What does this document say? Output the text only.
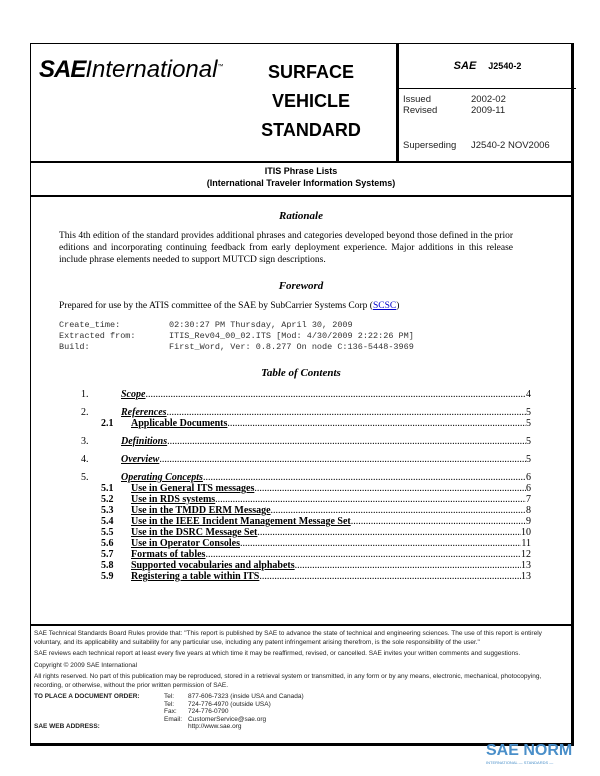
SAEInternational™	SURFACE
VEHICLE
STANDARD
SAE J2540-2
Issued	2002-02
Revised	2009-11
Superseding J2540-2 NOV2006
ITIS Phrase Lists
(International Traveler Information Systems)
Rationale

This 4th edition of the standard provides additional phrases and categories developed beyond those defined in the prior editions and incorporating continuing feedback from early deployment experience. Major additions in this release include phrase elements needed to support MUTCD sign descriptions.

Foreword

Prepared for use by the ATIS committee of the SAE by SubCarrier Systems Corp (SCSC)

Create_time:	02:30:27 PM Thursday, April 30, 2009
Extracted from:	ITIS_Rev04_00_02.ITS [Mod: 4/30/2009 2:22:26 PM]
Build:	First_Word, Ver: 0.8.277 On node C:136-5448-3969
Table of Contents
1.	Scope .....	4
2.	References .....	5
2.1	Applicable Documents .....	5
3.	Definitions .....	5
4.	Overview .....	5
5.	Operating Concepts .....	6
5.1	Use in General ITS messages .....	6
5.2	Use in RDS systems .....	7
5.3	Use in the TMDD ERM Message .....	8
5.4	Use in the IEEE Incident Management Message Set .....	9
5.5	Use in the DSRC Message Set .....	10
5.6	Use in Operator Consoles .....	11
5.7	Formats of tables .....	12
5.8	Supported vocabularies and alphabets .....	13
5.9	Registering a table within ITS .....	13

SAE Technical Standards Board Rules provide that: "This report is published by SAE to advance the state of technical and engineering sciences. The use of this report is entirely voluntary, and its applicability and suitability for any particular use, including any patent infringement arising therefrom, is the sole responsibility of the user."

SAE reviews each technical report at least every five years at which time it may be reaffirmed, revised, or cancelled. SAE invites your written comments and suggestions.

Copyright © 2009 SAE International

All rights reserved. No part of this publication may be reproduced, stored in a retrieval system or transmitted, in any form or by any means, electronic, mechanical, photocopying, recording, or otherwise, without the prior written permission of SAE.

TO PLACE A DOCUMENT ORDER:	Tel:	877-606-7323 (inside USA and Canada)
Tel:	724-776-4970 (outside USA)
Fax:	724-776-0790
Email: CustomerService@sae.org
SAE WEB ADDRESS:	http://www.sae.org
SAE NORM
INTERNATIONAL — STANDARDS —
